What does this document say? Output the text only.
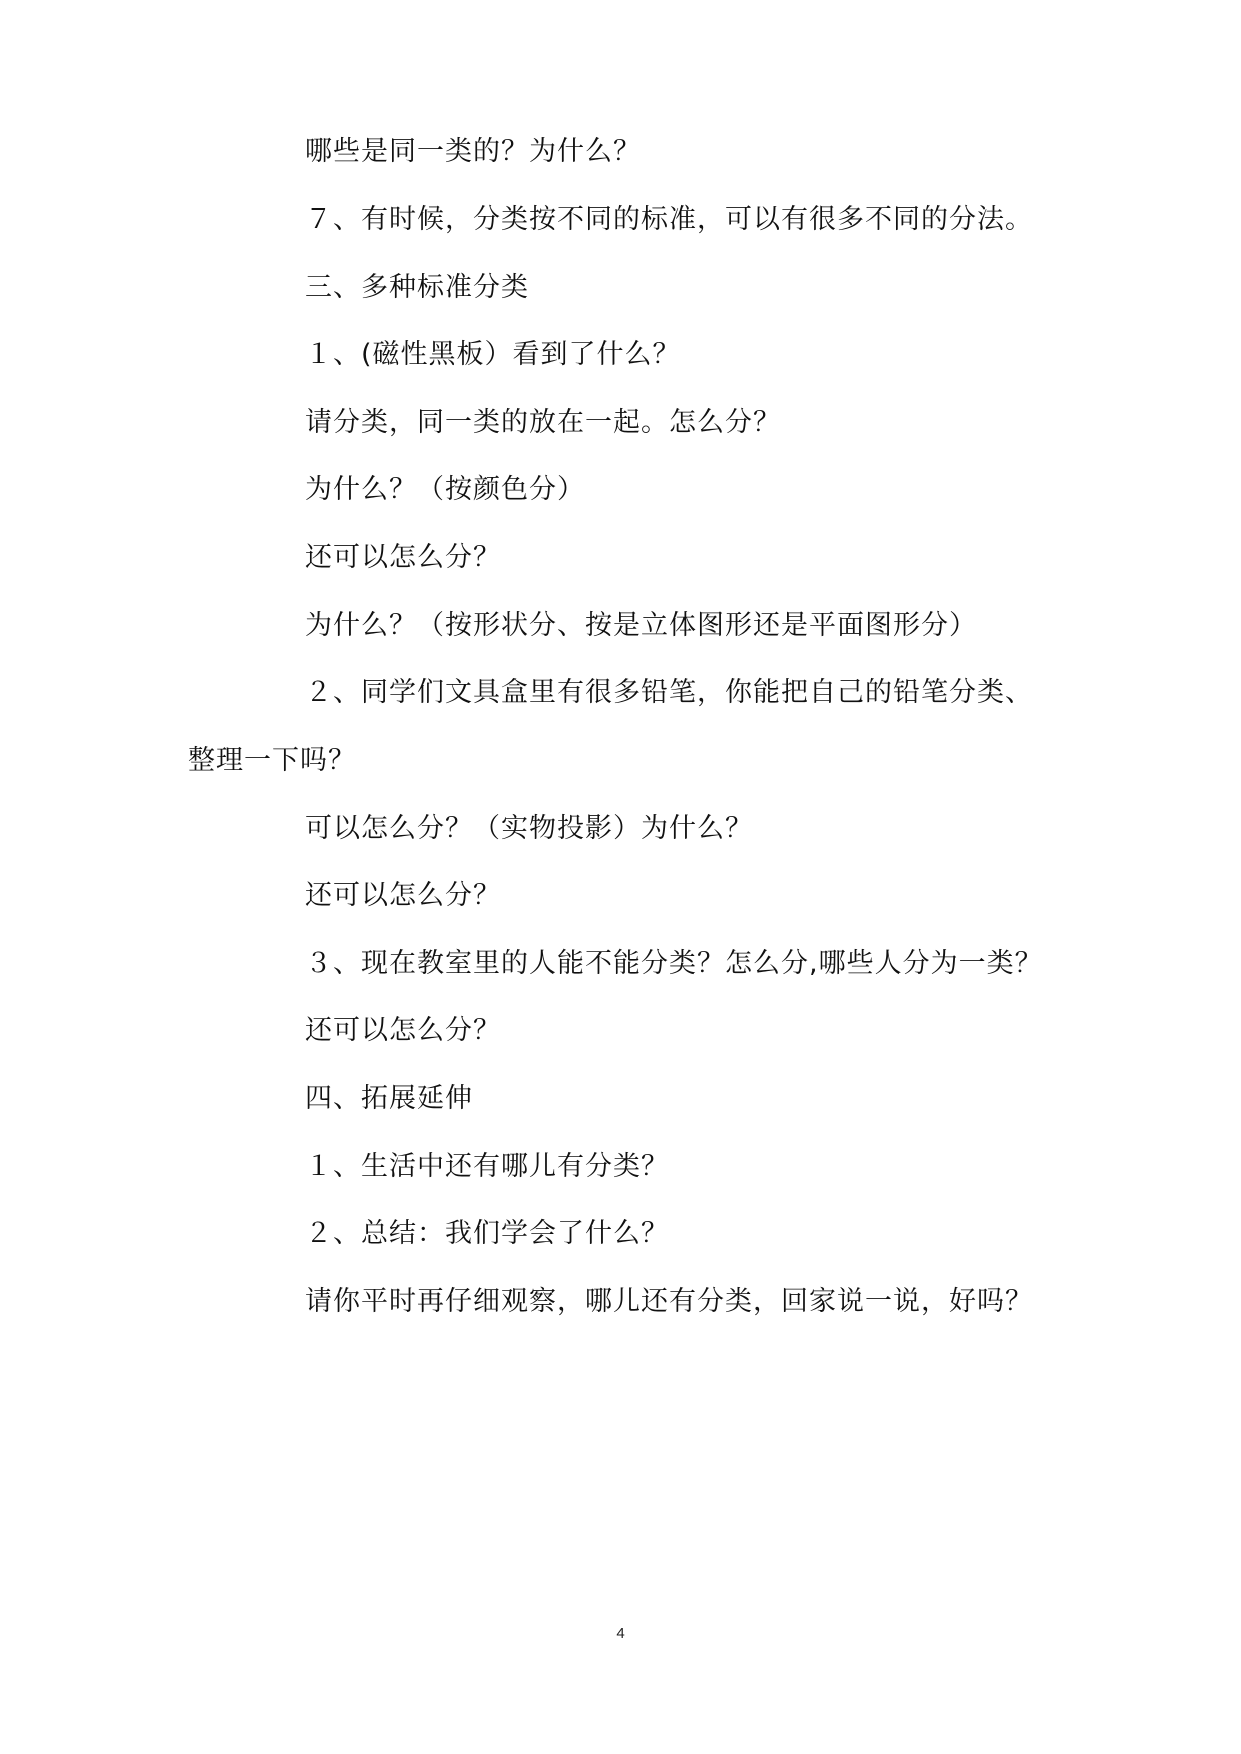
哪些是同一类的？为什么？
７、有时候，分类按不同的标准，可以有很多不同的分法。
三、多种标准分类
１、(磁性黑板）看到了什么？
请分类，同一类的放在一起。怎么分？
为什么？（按颜色分）
还可以怎么分？
为什么？（按形状分、按是立体图形还是平面图形分）
２、同学们文具盒里有很多铅笔，你能把自己的铅笔分类、
整理一下吗？
可以怎么分？（实物投影）为什么？
还可以怎么分？
３、现在教室里的人能不能分类？怎么分,哪些人分为一类？
还可以怎么分？
四、拓展延伸
１、生活中还有哪儿有分类？
２、总结：我们学会了什么？
请你平时再仔细观察，哪儿还有分类，回家说一说，好吗？
4
